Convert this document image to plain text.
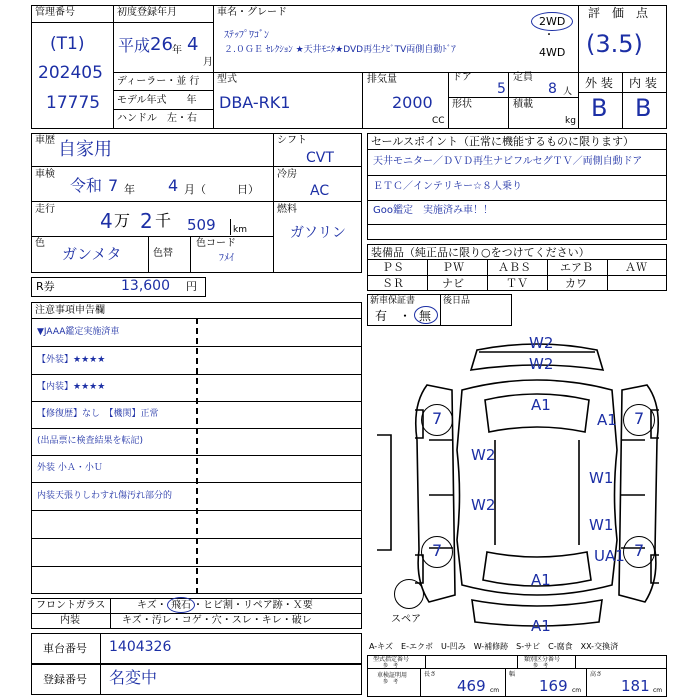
管理番号
(T1)
202405
17775
初度登録年月
平成 26 年 4
月
車名・グレード
ｽﾃｯﾌﾟﾜｺﾞﾝ
２.０ＧＥ ｾﾚｸｼｮﾝ ★天井ﾓﾆﾀ★DVD再生ﾅﾋﾞTV両側自動ﾄﾞｱ
2WD
・
4WD
評　価　点
(3.5)
ディーラー・並 行
モデル年式　　年
ハンドル　左・右
型式
DBA-RK1
排気量
2000
CC
ドア
5
定員
8 人
形状	積載
kg
外 装 内 装
B B
車歴 自家用
車検
令和 7 年 4 月（	日）
走行 4 万 2 千 509 km
色
ガンメタ	色替
色コード
ﾌﾒｲ
シフト
CVT
冷房
AC
燃料
ガソリン
R券	13,600 円
セールスポイント（正常に機能するものに限ります）
天井モニター／ＤＶＤ再生ナビフルセグＴＶ／両側自動ドア
ＥＴＣ／インテリキー☆８人乗り
Goo鑑定　実施済み車！！
装備品（純正品に限り○をつけてください）
ＰＳ	ＰＷ	ＡＢＳ	エアＢ	ＡＷ
ＳＲ	ナビ	ＴＶ	カワ
新車保証書	後日品
有　・ 無
注意事項申告欄
▼JAAA鑑定実施済車
【外装】★★★★
【内装】★★★★
【修復歴】なし　【機関】正常
(出品票に検査結果を転記)
外装 小Ａ・小Ｕ
内装天張りしわすれ傷汚れ部分的
フロントガラス	キズ・ 飛石 ・ヒビ割・リペア跡・Ｘ要
内装	キズ・汚レ・コゲ・穴・スレ・キレ・破レ
車台番号 1404326
登録番号 名変中
7	7
7	7
W2
W2
A1
A1
W2
W2
W1
W1
UA1
A1
A1
スペア
A-キズ　E-エクボ　U-凹み　W-補修跡　S-サビ　C-腐食　XX-交換済
型式指定番号
参　考
類別区分番号
参　考
車検証明用
参　考
長さ
469 cm
幅
169 cm
高さ
181 cm
